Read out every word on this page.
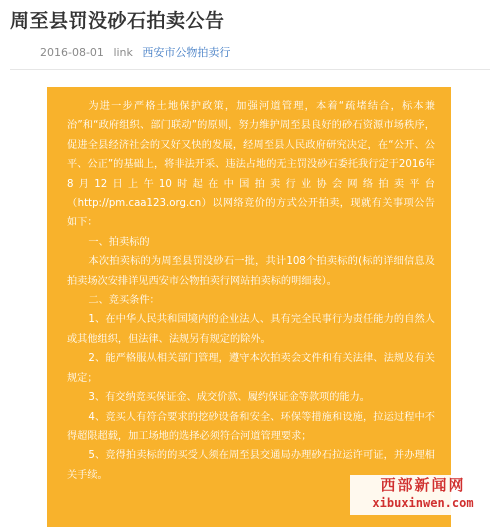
周至县罚没砂石拍卖公告
2016-08-01 link 西安市公物拍卖行

为进一步严格土地保护政策，加强河道管理，本着“疏堵结合，标本兼治”和“政府组织、部门联动”的原则，努力维护周至县良好的砂石资源市场秩序，促进全县经济社会的又好又快的发展，经周至县人民政府研究决定，在“公开、公平、公正”的基础上，将非法开采、违法占地的无主罚没砂石委托我行定于2016年8月12日上午10时起在中国拍卖行业协会网络拍卖平台（http://pm.caa123.org.cn）以网络竞价的方式公开拍卖，现就有关事项公告如下：

一、拍卖标的

本次拍卖标的为周至县罚没砂石一批，共计108个拍卖标的(标的详细信息及拍卖场次安排详见西安市公物拍卖行网站拍卖标的明细表）。

二、竞买条件：

1、在中华人民共和国境内的企业法人、具有完全民事行为责任能力的自然人或其他组织，但法律、法规另有规定的除外。

2、能严格服从相关部门管理，遵守本次拍卖会文件和有关法律、法规及有关规定；

3、有交纳竞买保证金、成交价款、履约保证金等款项的能力。

4、竞买人有符合要求的挖砂设备和安全、环保等措施和设施，拉运过程中不得超限超载，加工场地的选择必须符合河道管理要求；

5、竞得拍卖标的的买受人须在周至县交通局办理砂石拉运许可证，并办理相关手续。

西部新闻网
xibuxinwen.com
